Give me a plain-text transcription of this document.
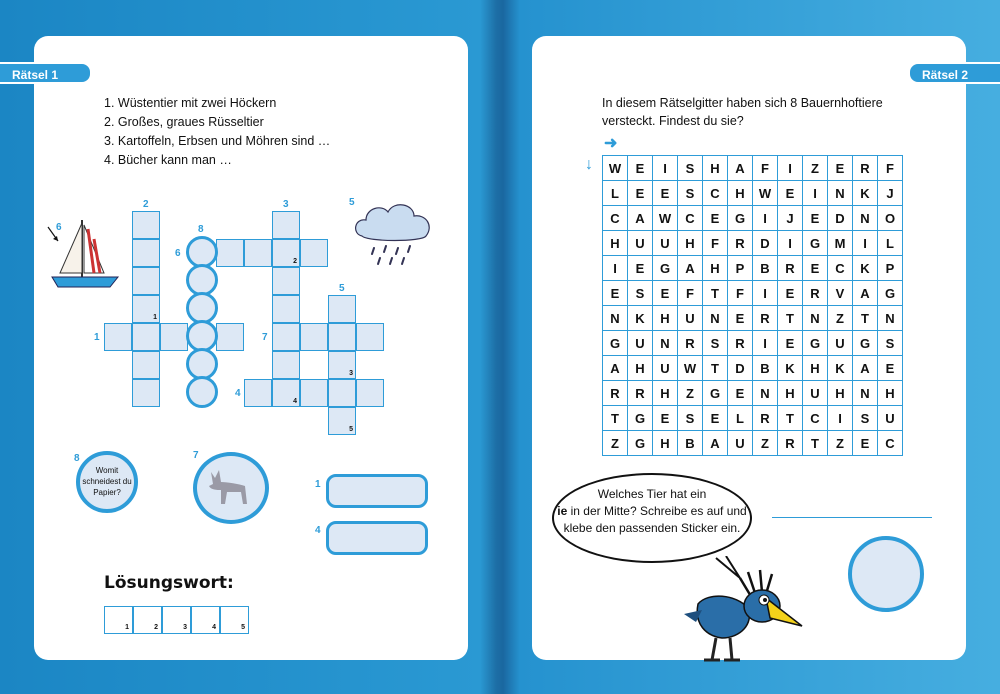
Rätsel 1	Rätsel 2
1. Wüstentier mit zwei Höckern
2. Großes, graues Rüsseltier
3. Kartoffeln, Erbsen und Möhren sind …
4. Bücher kann man …
6
5
1
2
3
5
4
2	3
8
6
5
1	7
4
8
Womit schneidest du Papier?
7
1
4
Lösungswort:
1	2	3	4	5
In diesem Rätselgitter haben sich 8 Bauernhoftiere versteckt. Findest du sie?
➜
↓ W	E	I	S	H	A	F	I	Z	E	R	F
L	E	E	S	C	H	W	E	I	N	K	J
C	A	W	C	E	G	I	J	E	D	N	O
H	U	U	H	F	R	D	I	G	M	I	L
I	E	G	A	H	P	B	R	E	C	K	P
E	S	E	F	T	F	I	E	R	V	A	G
N	K	H	U	N	E	R	T	N	Z	T	N
G	U	N	R	S	R	I	E	G	U	G	S
A	H	U	W	T	D	B	K	H	K	A	E
R	R	H	Z	G	E	N	H	U	H	N	H
T	G	E	S	E	L	R	T	C	I	S	U
Z	G	H	B	A	U	Z	R	T	Z	E	C
Welches Tier hat ein
ie in der Mitte? Schreibe es auf und klebe den passenden Sticker ein.
